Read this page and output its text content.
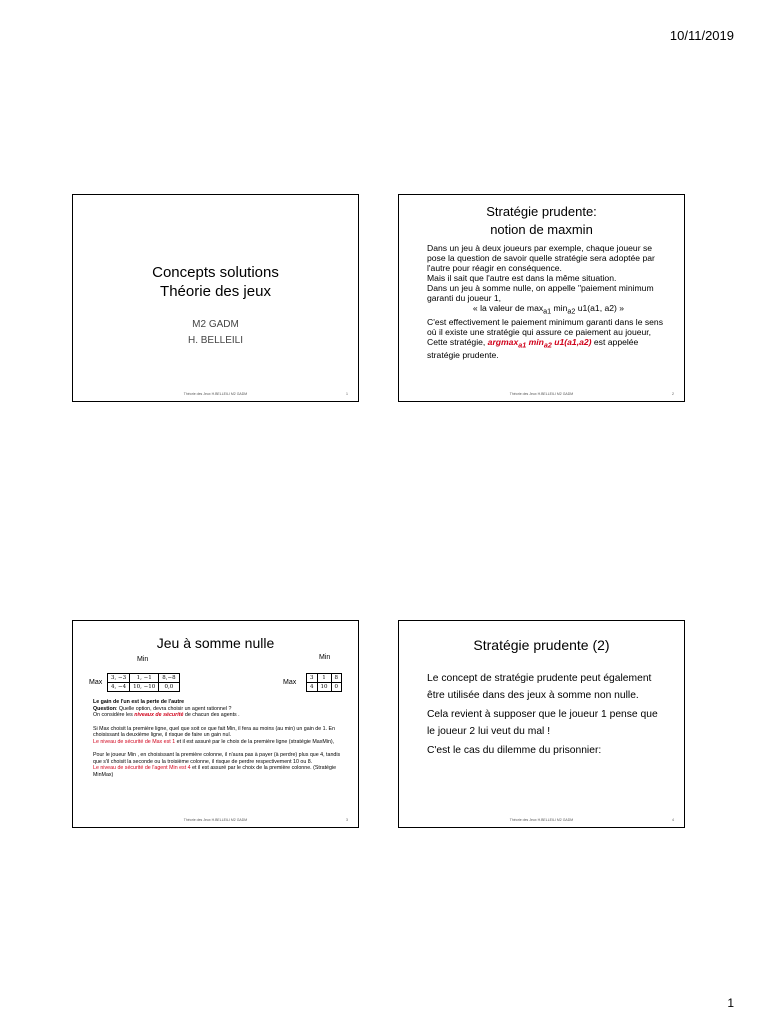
10/11/2019
Concepts solutions
Théorie des jeux
M2 GADM
H. BELLEILI
Théorie des Jeux H.BELLEILI M2 GADM	1
Stratégie prudente:
notion de maxmin

Dans un jeu à deux joueurs par exemple, chaque joueur se pose la question de savoir quelle stratégie sera adoptée par l'autre pour réagir en conséquence.

Mais il sait que l'autre est dans la même situation.

Dans un jeu à somme nulle, on appelle "paiement minimum garanti du joueur 1,

« la valeur de $\max_{a1} \min_{a2} u1(a1$, a2) »

C'est effectivement le paiement minimum garanti dans le sens où il existe une stratégie qui assure ce paiement au joueur,

Cette stratégie, argmax$_{a1}$ $\min_{a2} u1(a1,a2)$ est appelée stratégie prudente.

Théorie des Jeux H.BELLEILI M2 GADM	2
Jeu à somme nulle
Min
Max
3, −3	1, −1	8,−8
4, −4	10, −10	0,0
Min
Max
3	1	8
4	10	0

Le gain de l'un est la perte de l'autre

Question: Quelle option, devra choisir un agent rationnel ?

On considère les niveaux de sécurité de chacun des agents .

Si Max choisit la première ligne, quel que soit ce que fait Min, il fera au moins (au min) un gain de 1. En choisissant la deuxième ligne, il risque de faire un gain nul.

Le niveau de sécurité de Max est 1 et il est assuré par le choix de la première ligne (stratégie MaxMin),

Pour le joueur Min , en choisissant la première colonne, il n'aura pas à payer (à perdre) plus que 4, tandis que s'il choisit la seconde ou la troisième colonne, il risque de perdre respectivement 10 ou 8.

Le niveau de sécurité de l'agent Min est 4 et il est assuré par le choix de la première colonne. (Stratégie MinMax)

Théorie des Jeux H.BELLEILI M2 GADM	3
Stratégie prudente (2)

Le concept de stratégie prudente peut également être utilisée dans des jeux à somme non nulle.

Cela revient à supposer que le joueur 1 pense que le joueur 2 lui veut du mal !

C'est le cas du dilemme du prisonnier:

Théorie des Jeux H.BELLEILI M2 GADM	4
1
